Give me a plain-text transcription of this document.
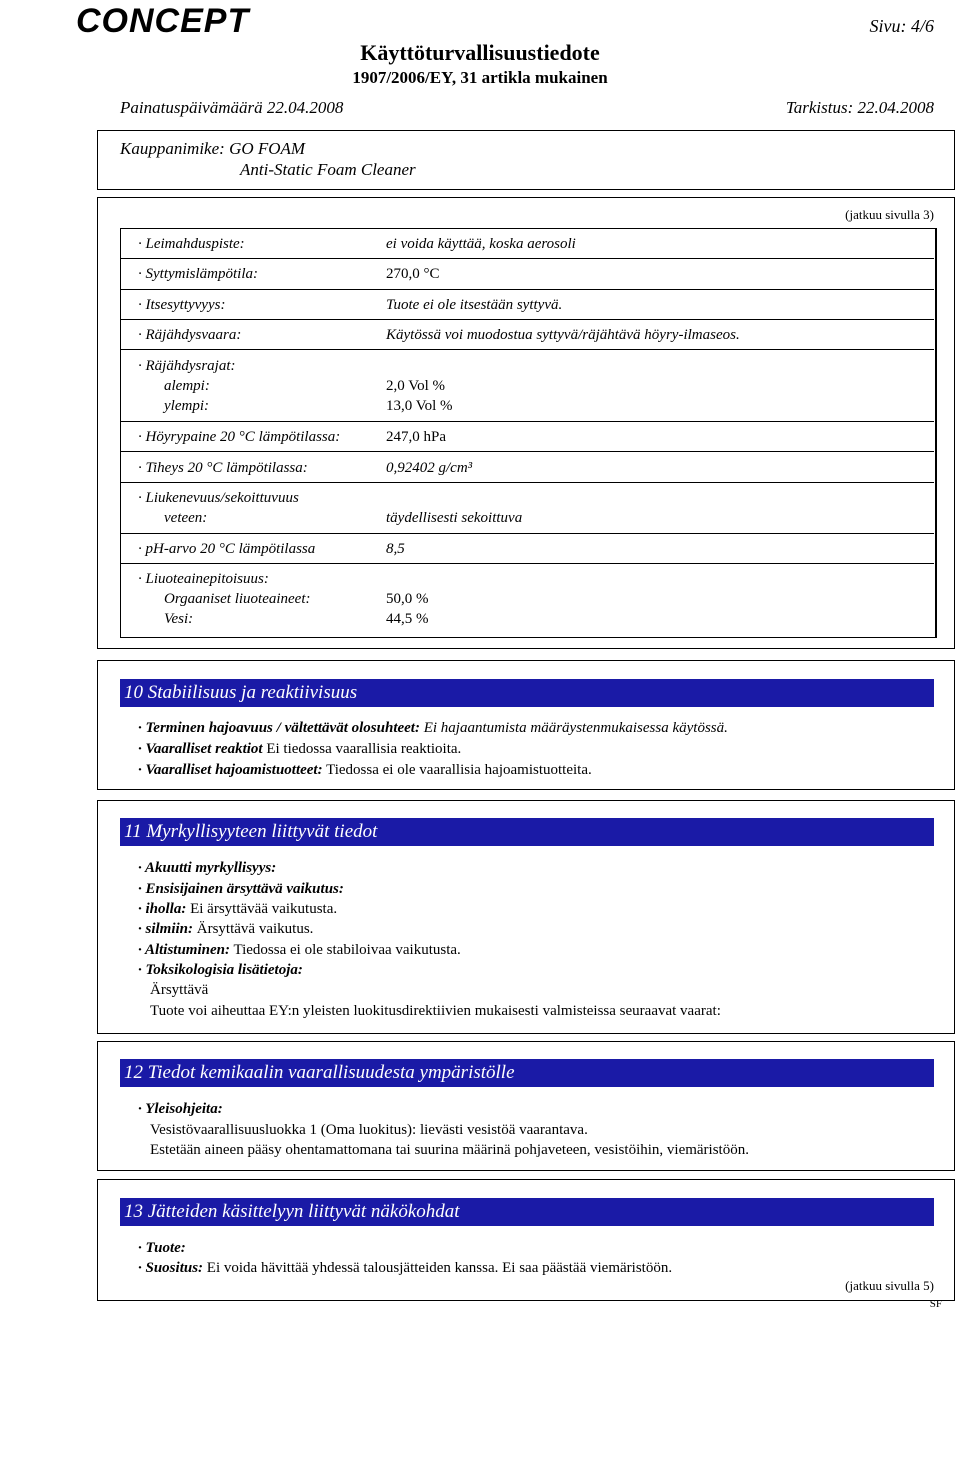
CONCEPT	Sivu: 4/6
Käyttöturvallisuustiedote
1907/2006/EY, 31 artikla mukainen
Painatuspäivämäärä 22.04.2008	Tarkistus: 22.04.2008
Kauppanimike: GO FOAM
Anti-Static Foam Cleaner
(jatkuu sivulla 3)
· Leimahduspiste:	ei voida käyttää, koska aerosoli
· Syttymislämpötila:	270,0 °C
· Itsesyttyvyys:	Tuote ei ole itsestään syttyvä.
· Räjähdysvaara:	Käytössä voi muodostua syttyvä/räjähtävä höyry-ilmaseos.
· Räjähdysrajat:
alempi:	2,0 Vol %
ylempi:	13,0 Vol %
· Höyrypaine 20 °C lämpötilassa:	247,0 hPa
· Tiheys 20 °C lämpötilassa:	0,92402 g/cm³
· Liukenevuus/sekoittuvuus
veteen:	täydellisesti sekoittuva
· pH-arvo 20 °C lämpötilassa	8,5
· Liuoteainepitoisuus:
Orgaaniset liuoteaineet:	50,0 %
Vesi:	44,5 %
10 Stabiilisuus ja reaktiivisuus
· Terminen hajoavuus / vältettävät olosuhteet: Ei hajaantumista määräystenmukaisessa käytössä.
· Vaaralliset reaktiot Ei tiedossa vaarallisia reaktioita.
· Vaaralliset hajoamistuotteet: Tiedossa ei ole vaarallisia hajoamistuotteita.
11 Myrkyllisyyteen liittyvät tiedot
· Akuutti myrkyllisyys:
· Ensisijainen ärsyttävä vaikutus:
· iholla: Ei ärsyttävää vaikutusta.
· silmiin: Ärsyttävä vaikutus.
· Altistuminen: Tiedossa ei ole stabiloivaa vaikutusta.
· Toksikologisia lisätietoja:
Ärsyttävä
Tuote voi aiheuttaa EY:n yleisten luokitusdirektiivien mukaisesti valmisteissa seuraavat vaarat:
12 Tiedot kemikaalin vaarallisuudesta ympäristölle
· Yleisohjeita:
Vesistövaarallisuusluokka 1 (Oma luokitus): lievästi vesistöä vaarantava.
Estetään aineen pääsy ohentamattomana tai suurina määrinä pohjaveteen, vesistöihin, viemäristöön.
13 Jätteiden käsittelyyn liittyvät näkökohdat
· Tuote:
· Suositus: Ei voida hävittää yhdessä talousjätteiden kanssa. Ei saa päästää viemäristöön.
(jatkuu sivulla 5)
SF
